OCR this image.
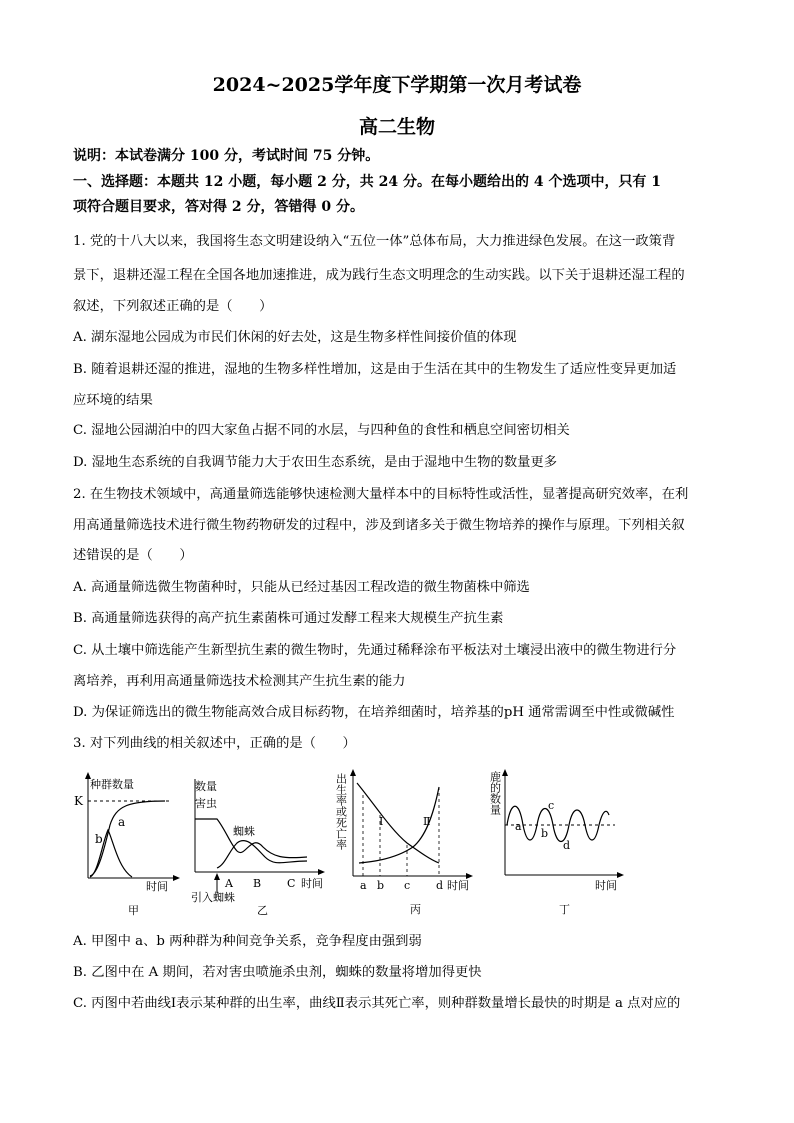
2024~2025学年度下学期第一次月考试卷
高二生物
说明：本试卷满分 100 分，考试时间 75 分钟。
一、选择题：本题共 12 小题，每小题 2 分，共 24 分。在每小题给出的 4 个选项中，只有 1
项符合题目要求，答对得 2 分，答错得 0 分。
1. 党的十八大以来，我国将生态文明建设纳入“五位一体”总体布局，大力推进绿色发展。在这一政策背
景下，退耕还湿工程在全国各地加速推进，成为践行生态文明理念的生动实践。以下关于退耕还湿工程的
叙述，下列叙述正确的是（　　）
A. 湖东湿地公园成为市民们休闲的好去处，这是生物多样性间接价值的体现
B. 随着退耕还湿的推进，湿地的生物多样性增加，这是由于生活在其中的生物发生了适应性变异更加适
应环境的结果
C. 湿地公园湖泊中的四大家鱼占据不同的水层，与四种鱼的食性和栖息空间密切相关
D. 湿地生态系统的自我调节能力大于农田生态系统，是由于湿地中生物的数量更多
2. 在生物技术领域中，高通量筛选能够快速检测大量样本中的目标特性或活性，显著提高研究效率，在利
用高通量筛选技术进行微生物药物研发的过程中，涉及到诸多关于微生物培养的操作与原理。下列相关叙
述错误的是（　　）
A. 高通量筛选微生物菌种时，只能从已经过基因工程改造的微生物菌株中筛选
B. 高通量筛选获得的高产抗生素菌株可通过发酵工程来大规模生产抗生素
C. 从土壤中筛选能产生新型抗生素的微生物时，先通过稀释涂布平板法对土壤浸出液中的微生物进行分
离培养，再利用高通量筛选技术检测其产生抗生素的能力
D. 为保证筛选出的微生物能高效合成目标药物，在培养细菌时，培养基的pH 通常需调至中性或微碱性
3. 对下列曲线的相关叙述中，正确的是（　　）
种群数量
K
a
b
时间
甲
数量
害虫
蜘蛛
A B C 时间
引入蜘蛛
乙
出生率或死亡率	Ⅰ	Ⅱ
a b c d 时间
丙
鹿的数量
a
b
c
d
时间
丁
A. 甲图中 a、b 两种群为种间竞争关系，竞争程度由强到弱
B. 乙图中在 A 期间，若对害虫喷施杀虫剂，蜘蛛的数量将增加得更快
C. 丙图中若曲线Ⅰ表示某种群的出生率，曲线Ⅱ表示其死亡率，则种群数量增长最快的时期是 a 点对应的
